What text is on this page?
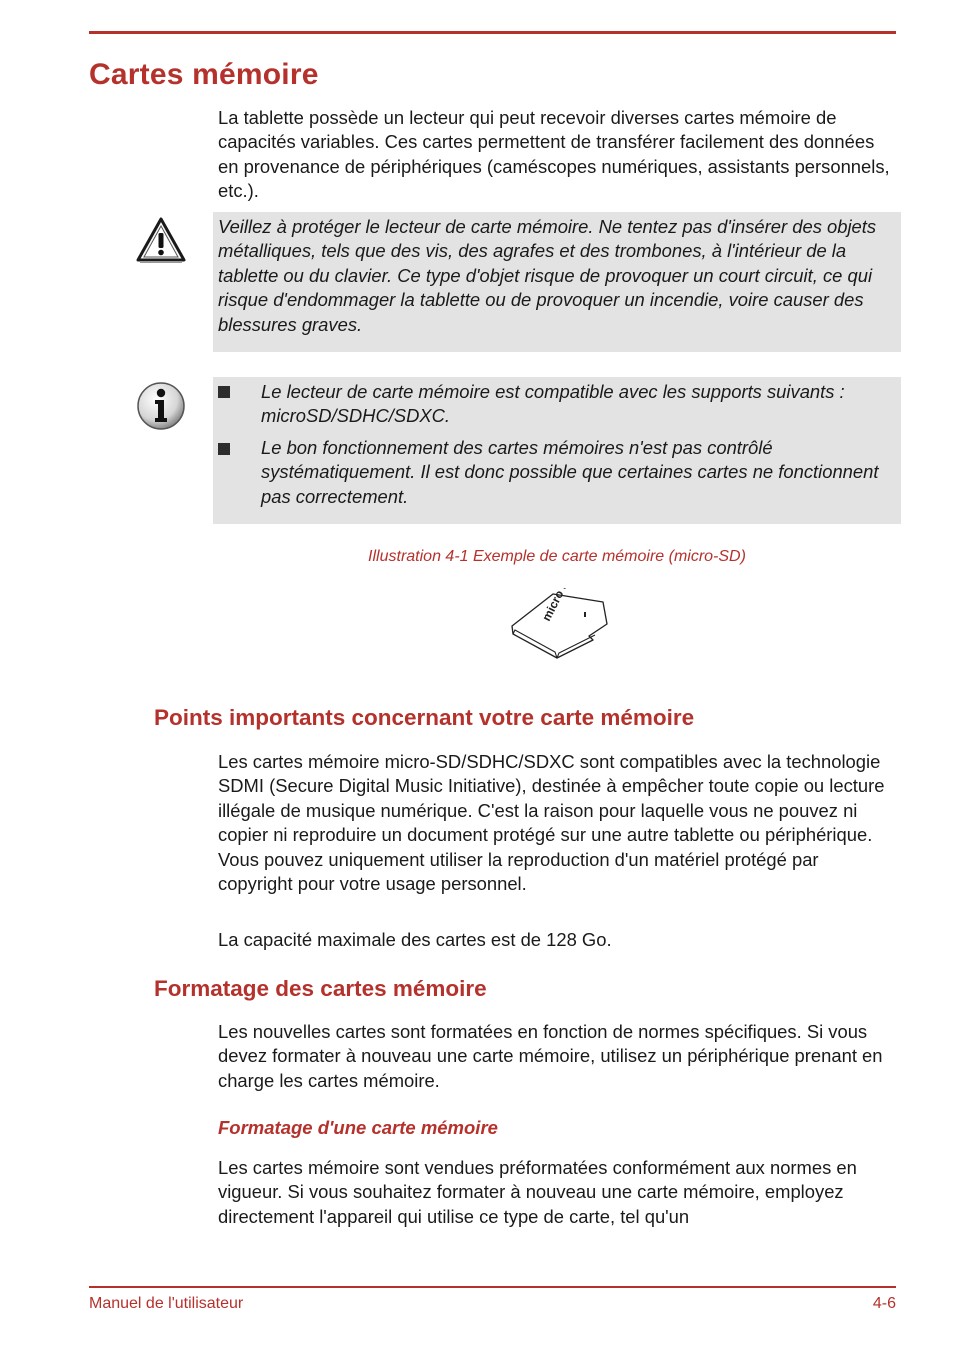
Cartes mémoire

La tablette possède un lecteur qui peut recevoir diverses cartes mémoire de capacités variables. Ces cartes permettent de transférer facilement des données en provenance de périphériques (caméscopes numériques, assistants personnels, etc.).

Veillez à protéger le lecteur de carte mémoire. Ne tentez pas d'insérer des objets métalliques, tels que des vis, des agrafes et des trombones, à l'intérieur de la tablette ou du clavier. Ce type d'objet risque de provoquer un court circuit, ce qui risque d'endommager la tablette ou de provoquer un incendie, voire causer des blessures graves.
Le lecteur de carte mémoire est compatible avec les supports suivants : microSD/SDHC/SDXC.
Le bon fonctionnement des cartes mémoires n'est pas contrôlé systématiquement. Il est donc possible que certaines cartes ne fonctionnent pas correctement.
Illustration 4-1 Exemple de carte mémoire (micro-SD)
micro SD
Points importants concernant votre carte mémoire

Les cartes mémoire micro-SD/SDHC/SDXC sont compatibles avec la technologie SDMI (Secure Digital Music Initiative), destinée à empêcher toute copie ou lecture illégale de musique numérique. C'est la raison pour laquelle vous ne pouvez ni copier ni reproduire un document protégé sur une autre tablette ou périphérique. Vous pouvez uniquement utiliser la reproduction d'un matériel protégé par copyright pour votre usage personnel.

La capacité maximale des cartes est de 128 Go.

Formatage des cartes mémoire

Les nouvelles cartes sont formatées en fonction de normes spécifiques. Si vous devez formater à nouveau une carte mémoire, utilisez un périphérique prenant en charge les cartes mémoire.

Formatage d'une carte mémoire

Les cartes mémoire sont vendues préformatées conformément aux normes en vigueur. Si vous souhaitez formater à nouveau une carte mémoire, employez directement l'appareil qui utilise ce type de carte, tel qu'un

Manuel de l'utilisateur	4-6
